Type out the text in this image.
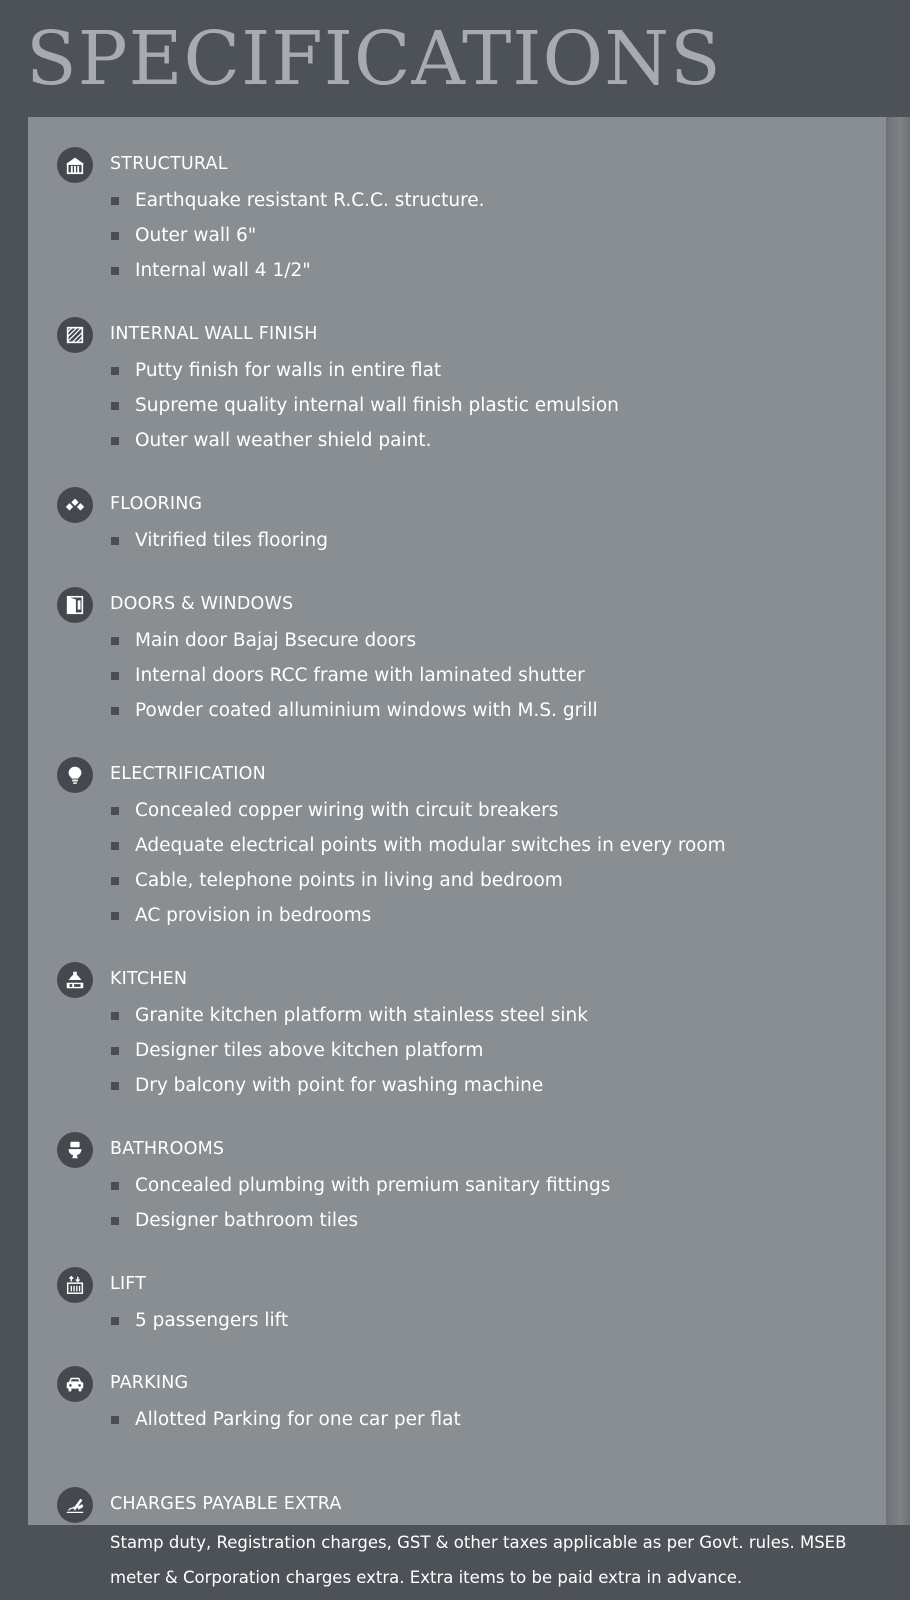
SPECIFICATIONS
STRUCTURAL
Earthquake resistant R.C.C. structure.
Outer wall 6"
Internal wall 4 1/2"
INTERNAL WALL FINISH
Putty finish for walls in entire flat
Supreme quality internal wall finish plastic emulsion
Outer wall weather shield paint.
FLOORING
Vitrified tiles flooring
DOORS & WINDOWS
Main door Bajaj Bsecure doors
Internal doors RCC frame with laminated shutter
Powder coated alluminium windows with M.S. grill
ELECTRIFICATION
Concealed copper wiring with circuit breakers
Adequate electrical points with modular switches in every room
Cable, telephone points in living and bedroom
AC provision in bedrooms
KITCHEN
Granite kitchen platform with stainless steel sink
Designer tiles above kitchen platform
Dry balcony with point for washing machine
BATHROOMS
Concealed plumbing with premium sanitary fittings
Designer bathroom tiles
LIFT
5 passengers lift
PARKING
Allotted Parking for one car per flat
CHARGES PAYABLE EXTRA
Stamp duty, Registration charges, GST & other taxes applicable as per Govt. rules. MSEB
meter & Corporation charges extra. Extra items to be paid extra in advance.
